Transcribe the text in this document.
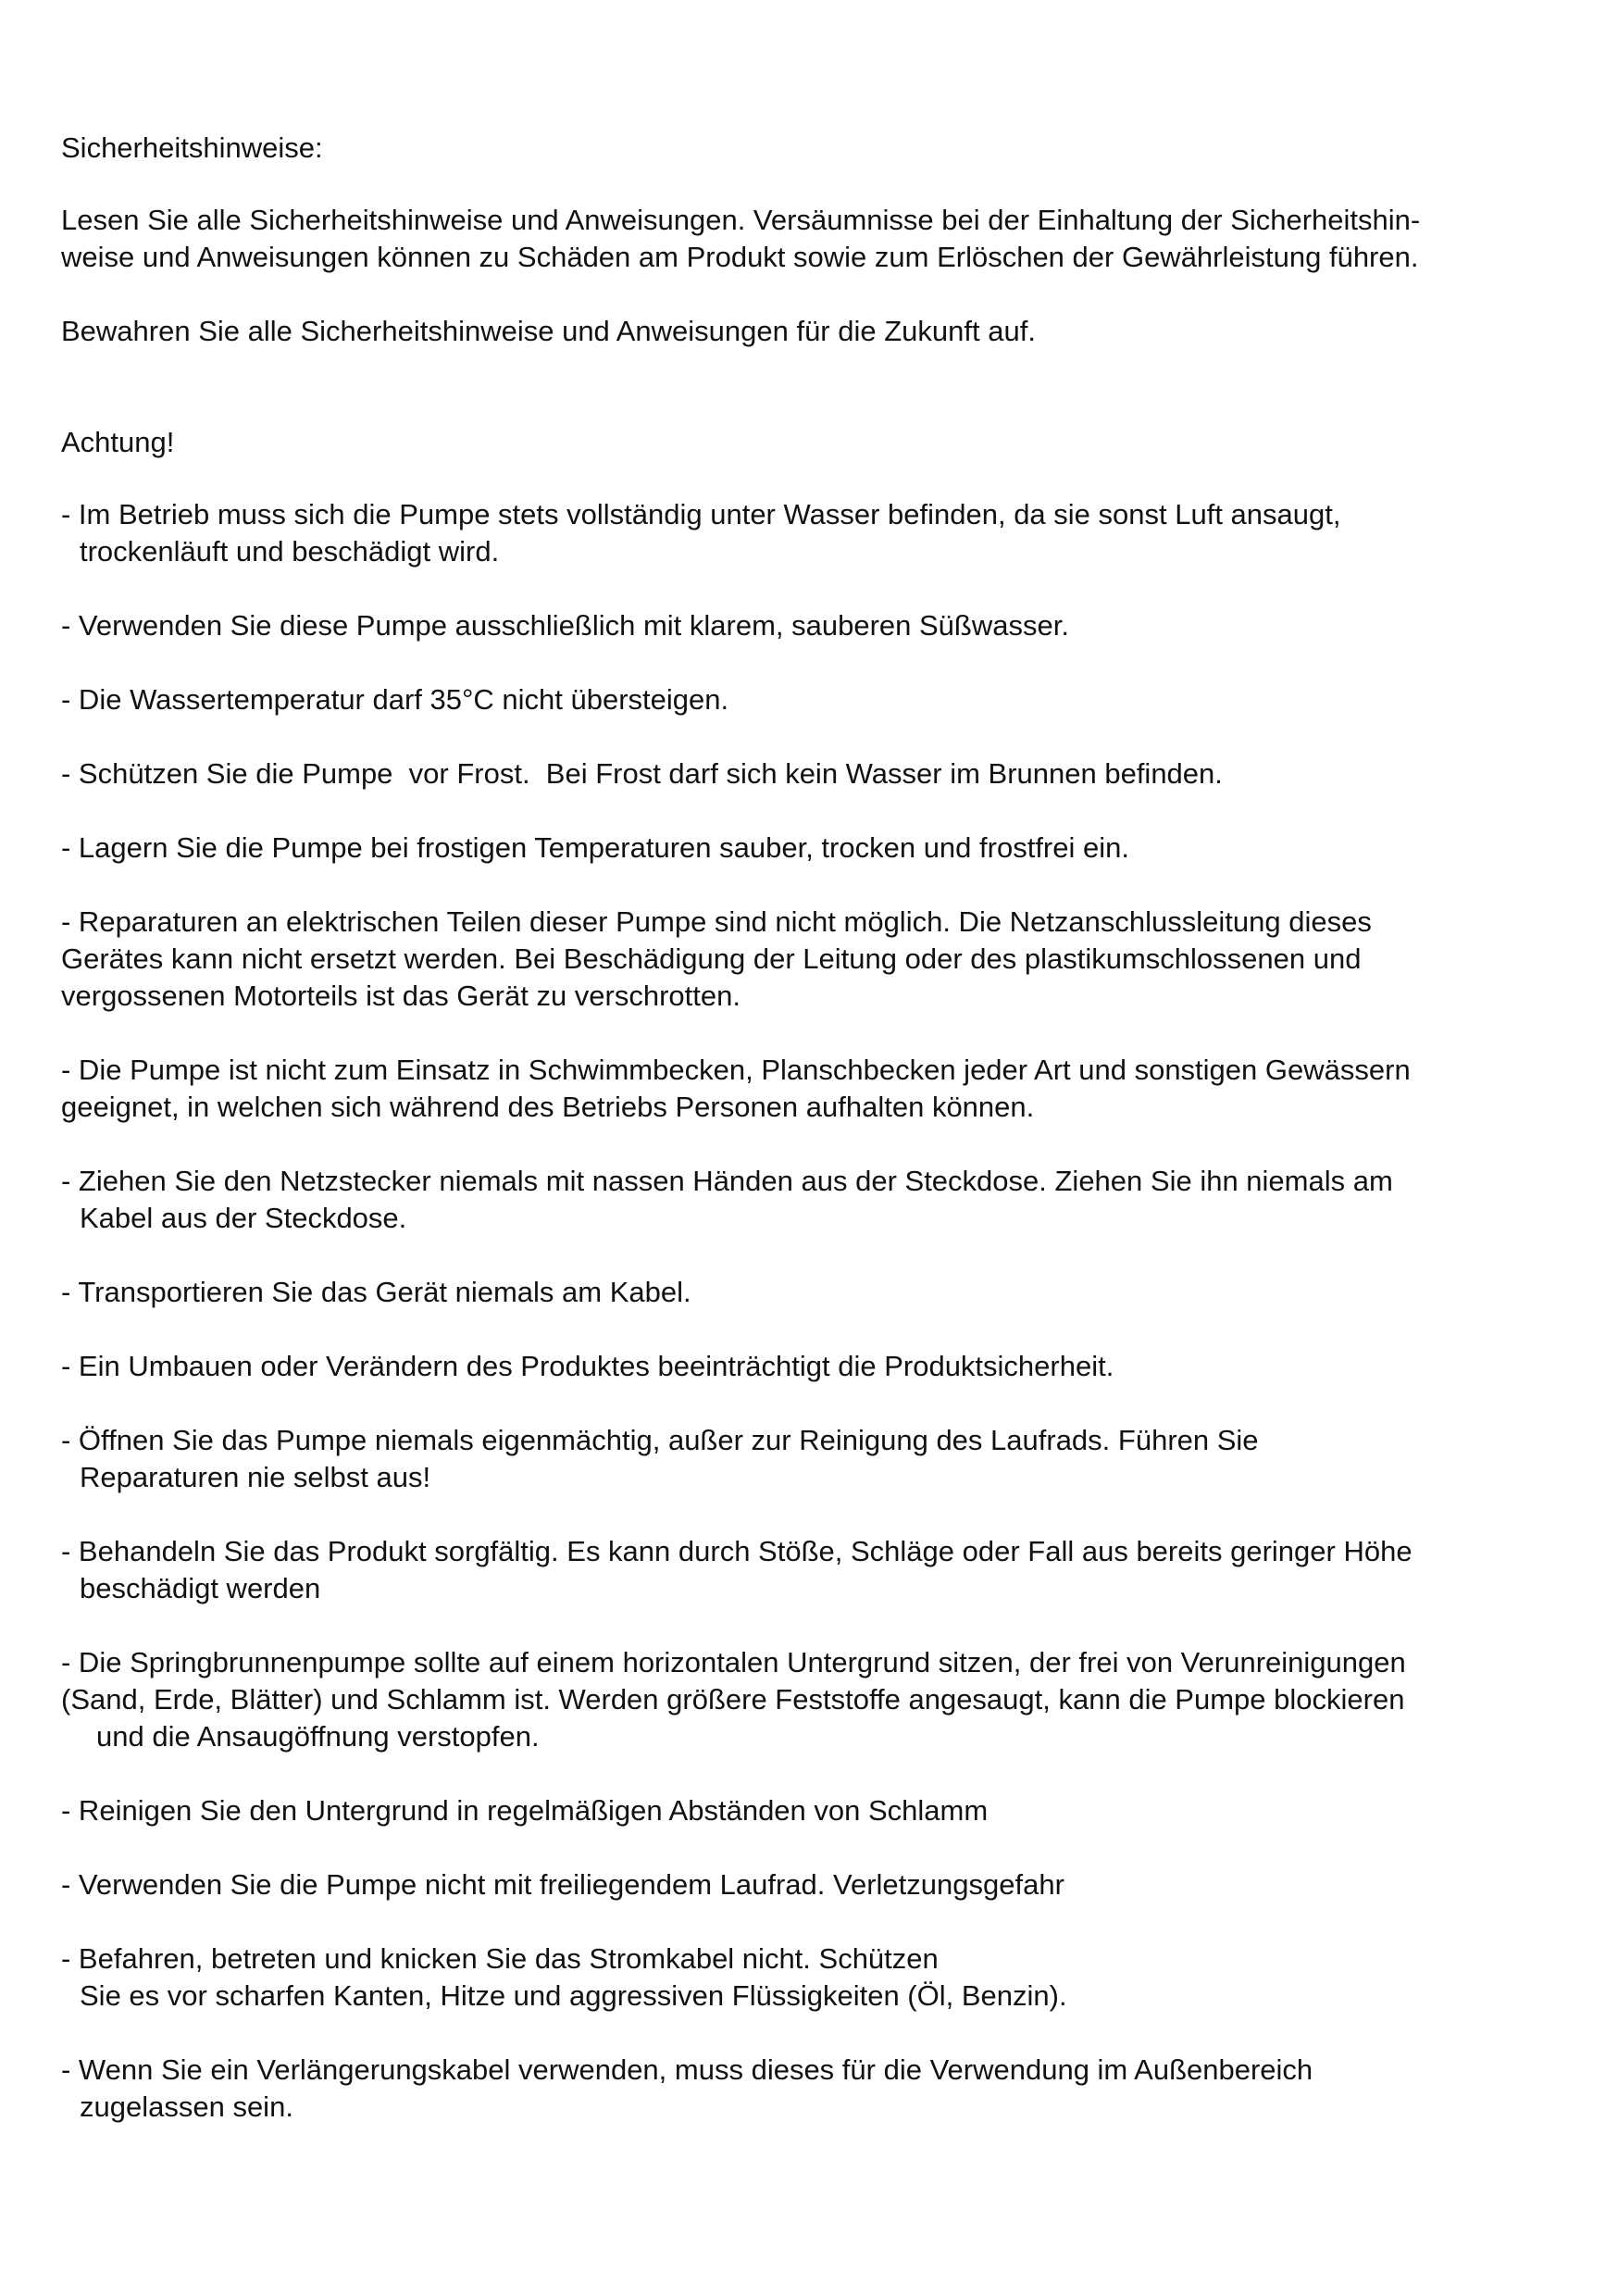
Sicherheitshinweise:
Lesen Sie alle Sicherheitshinweise und Anweisungen. Versäumnisse bei der Einhaltung der Sicherheitshin-
weise und Anweisungen können zu Schäden am Produkt sowie zum Erlöschen der Gewährleistung führen.
Bewahren Sie alle Sicherheitshinweise und Anweisungen für die Zukunft auf.
Achtung!
- Im Betrieb muss sich die Pumpe stets vollständig unter Wasser befinden, da sie sonst Luft ansaugt,
trockenläuft und beschädigt wird.
- Verwenden Sie diese Pumpe ausschließlich mit klarem, sauberen Süßwasser.
- Die Wassertemperatur darf 35°C nicht übersteigen.
- Schützen Sie die Pumpe  vor Frost.  Bei Frost darf sich kein Wasser im Brunnen befinden.
- Lagern Sie die Pumpe bei frostigen Temperaturen sauber, trocken und frostfrei ein.
- Reparaturen an elektrischen Teilen dieser Pumpe sind nicht möglich. Die Netzanschlussleitung dieses
Gerätes kann nicht ersetzt werden. Bei Beschädigung der Leitung oder des plastikumschlossenen und
vergossenen Motorteils ist das Gerät zu verschrotten.
- Die Pumpe ist nicht zum Einsatz in Schwimmbecken, Planschbecken jeder Art und sonstigen Gewässern
geeignet, in welchen sich während des Betriebs Personen aufhalten können.
- Ziehen Sie den Netzstecker niemals mit nassen Händen aus der Steckdose. Ziehen Sie ihn niemals am
Kabel aus der Steckdose.
- Transportieren Sie das Gerät niemals am Kabel.
- Ein Umbauen oder Verändern des Produktes beeinträchtigt die Produktsicherheit.
- Öffnen Sie das Pumpe niemals eigenmächtig, außer zur Reinigung des Laufrads. Führen Sie
Reparaturen nie selbst aus!
- Behandeln Sie das Produkt sorgfältig. Es kann durch Stöße, Schläge oder Fall aus bereits geringer Höhe
beschädigt werden
- Die Springbrunnenpumpe sollte auf einem horizontalen Untergrund sitzen, der frei von Verunreinigungen
(Sand, Erde, Blätter) und Schlamm ist. Werden größere Feststoffe angesaugt, kann die Pumpe blockieren
und die Ansaugöffnung verstopfen.
- Reinigen Sie den Untergrund in regelmäßigen Abständen von Schlamm
- Verwenden Sie die Pumpe nicht mit freiliegendem Laufrad. Verletzungsgefahr
- Befahren, betreten und knicken Sie das Stromkabel nicht. Schützen
Sie es vor scharfen Kanten, Hitze und aggressiven Flüssigkeiten (Öl, Benzin).
- Wenn Sie ein Verlängerungskabel verwenden, muss dieses für die Verwendung im Außenbereich
zugelassen sein.
